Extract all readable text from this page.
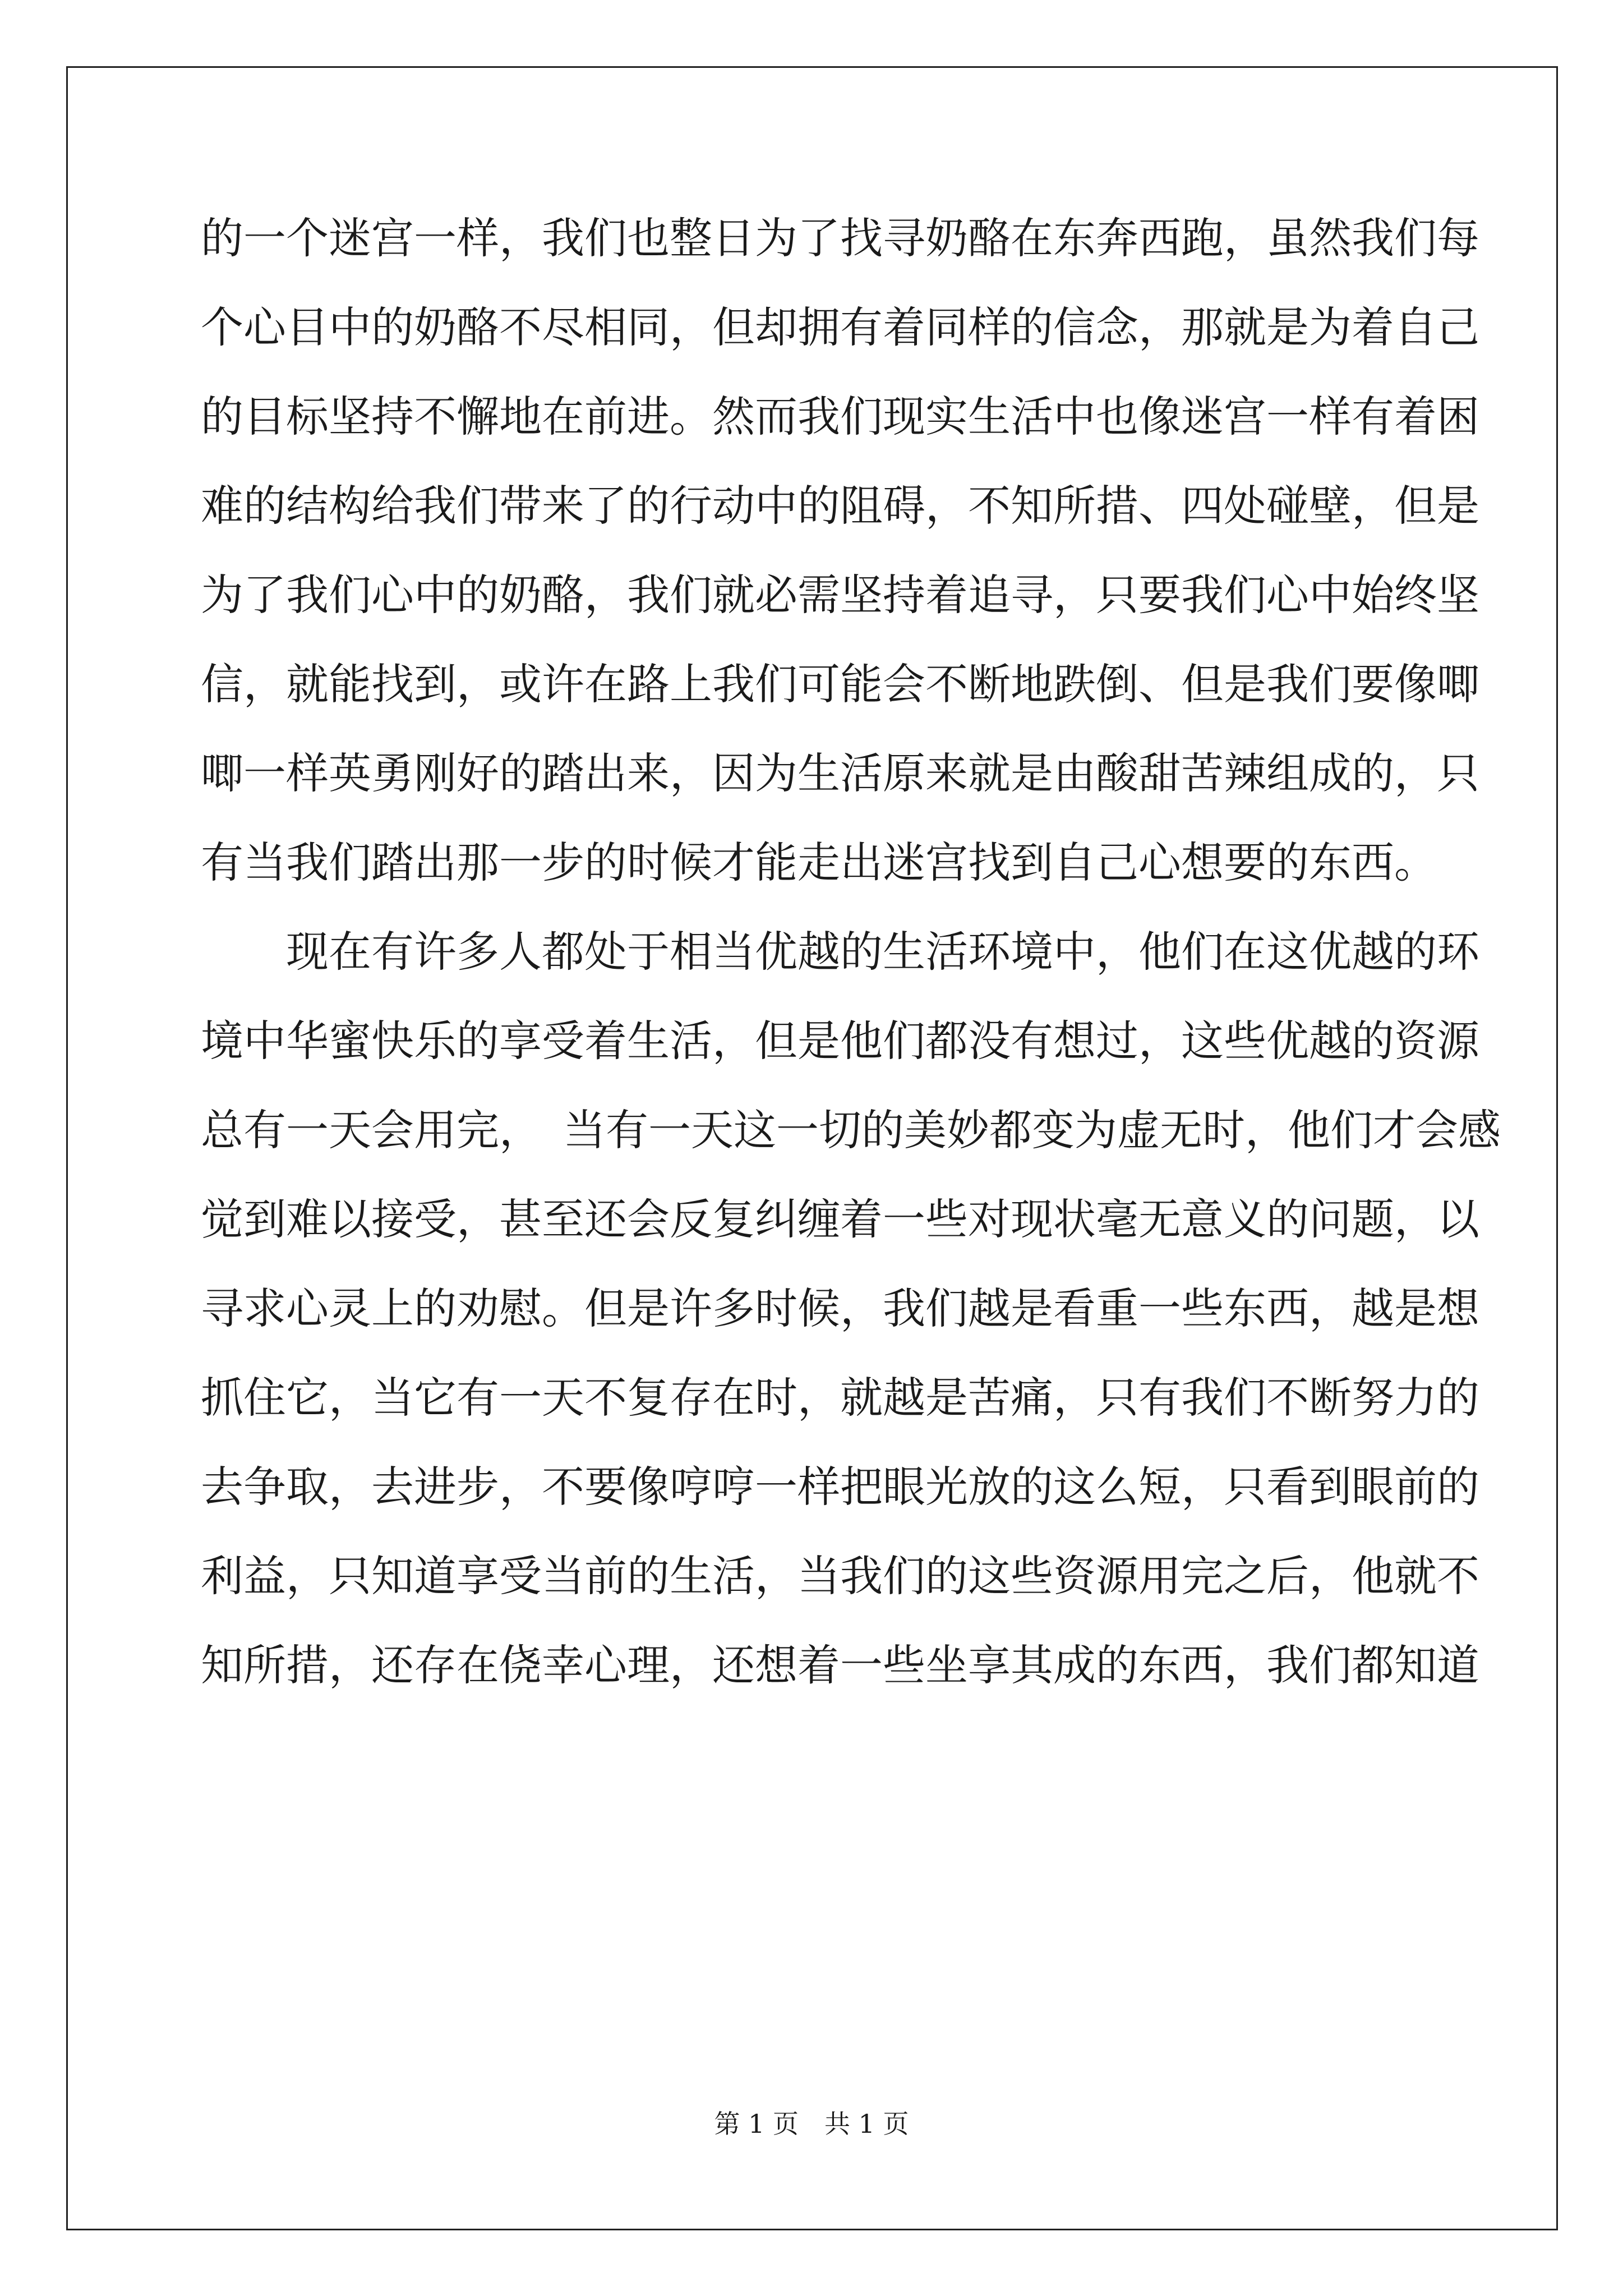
的一个迷宫一样，我们也整日为了找寻奶酪在东奔西跑，虽然我们每
个心目中的奶酪不尽相同，但却拥有着同样的信念，那就是为着自己
的目标坚持不懈地在前进。然而我们现实生活中也像迷宫一样有着困
难的结构给我们带来了的行动中的阻碍，不知所措、四处碰壁，但是
为了我们心中的奶酪，我们就必需坚持着追寻，只要我们心中始终坚
信，就能找到，或许在路上我们可能会不断地跌倒、但是我们要像唧
唧一样英勇刚好的踏出来，因为生活原来就是由酸甜苦辣组成的，只
有当我们踏出那一步的时候才能走出迷宫找到自己心想要的东西。
　　现在有许多人都处于相当优越的生活环境中，他们在这优越的环
境中华蜜快乐的享受着生活，但是他们都没有想过，这些优越的资源
总有一天会用完，　当有一天这一切的美妙都变为虚无时，他们才会感
觉到难以接受，甚至还会反复纠缠着一些对现状毫无意义的问题，以
寻求心灵上的劝慰。但是许多时候，我们越是看重一些东西，越是想
抓住它，当它有一天不复存在时，就越是苦痛，只有我们不断努力的
去争取，去进步，不要像哼哼一样把眼光放的这么短，只看到眼前的
利益，只知道享受当前的生活，当我们的这些资源用完之后，他就不
知所措，还存在侥幸心理，还想着一些坐享其成的东西，我们都知道
第 1 页　共 1 页
